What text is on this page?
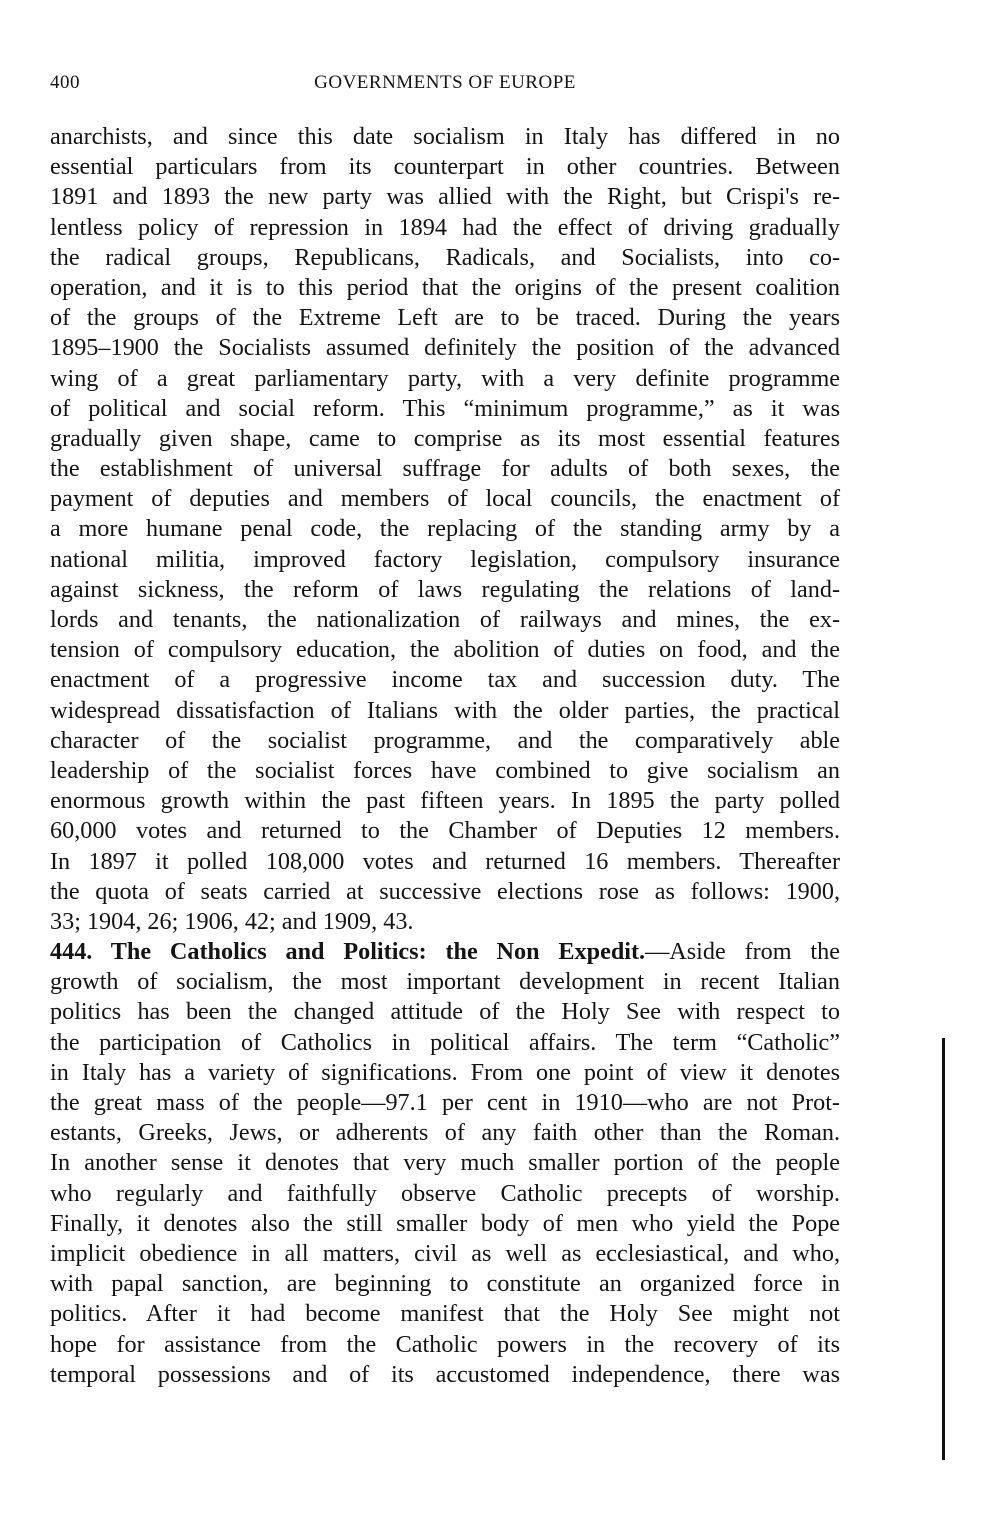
400	GOVERNMENTS OF EUROPE
anarchists, and since this date socialism in Italy has differed in no
essential particulars from its counterpart in other countries. Between
1891 and 1893 the new party was allied with the Right, but Crispi's re-
lentless policy of repression in 1894 had the effect of driving gradually
the radical groups, Republicans, Radicals, and Socialists, into co-
operation, and it is to this period that the origins of the present coalition
of the groups of the Extreme Left are to be traced. During the years
1895–1900 the Socialists assumed definitely the position of the advanced
wing of a great parliamentary party, with a very definite programme
of political and social reform. This “minimum programme,” as it was
gradually given shape, came to comprise as its most essential features
the establishment of universal suffrage for adults of both sexes, the
payment of deputies and members of local councils, the enactment of
a more humane penal code, the replacing of the standing army by a
national militia, improved factory legislation, compulsory insurance
against sickness, the reform of laws regulating the relations of land-
lords and tenants, the nationalization of railways and mines, the ex-
tension of compulsory education, the abolition of duties on food, and the
enactment of a progressive income tax and succession duty. The
widespread dissatisfaction of Italians with the older parties, the practical
character of the socialist programme, and the comparatively able
leadership of the socialist forces have combined to give socialism an
enormous growth within the past fifteen years. In 1895 the party polled
60,000 votes and returned to the Chamber of Deputies 12 members.
In 1897 it polled 108,000 votes and returned 16 members. Thereafter
the quota of seats carried at successive elections rose as follows: 1900,
33; 1904, 26; 1906, 42; and 1909, 43.
444. The Catholics and Politics: the Non Expedit.—Aside from the
growth of socialism, the most important development in recent Italian
politics has been the changed attitude of the Holy See with respect to
the participation of Catholics in political affairs. The term “Catholic”
in Italy has a variety of significations. From one point of view it denotes
the great mass of the people—97.1 per cent in 1910—who are not Prot-
estants, Greeks, Jews, or adherents of any faith other than the Roman.
In another sense it denotes that very much smaller portion of the people
who regularly and faithfully observe Catholic precepts of worship.
Finally, it denotes also the still smaller body of men who yield the Pope
implicit obedience in all matters, civil as well as ecclesiastical, and who,
with papal sanction, are beginning to constitute an organized force in
politics. After it had become manifest that the Holy See might not
hope for assistance from the Catholic powers in the recovery of its
temporal possessions and of its accustomed independence, there was
